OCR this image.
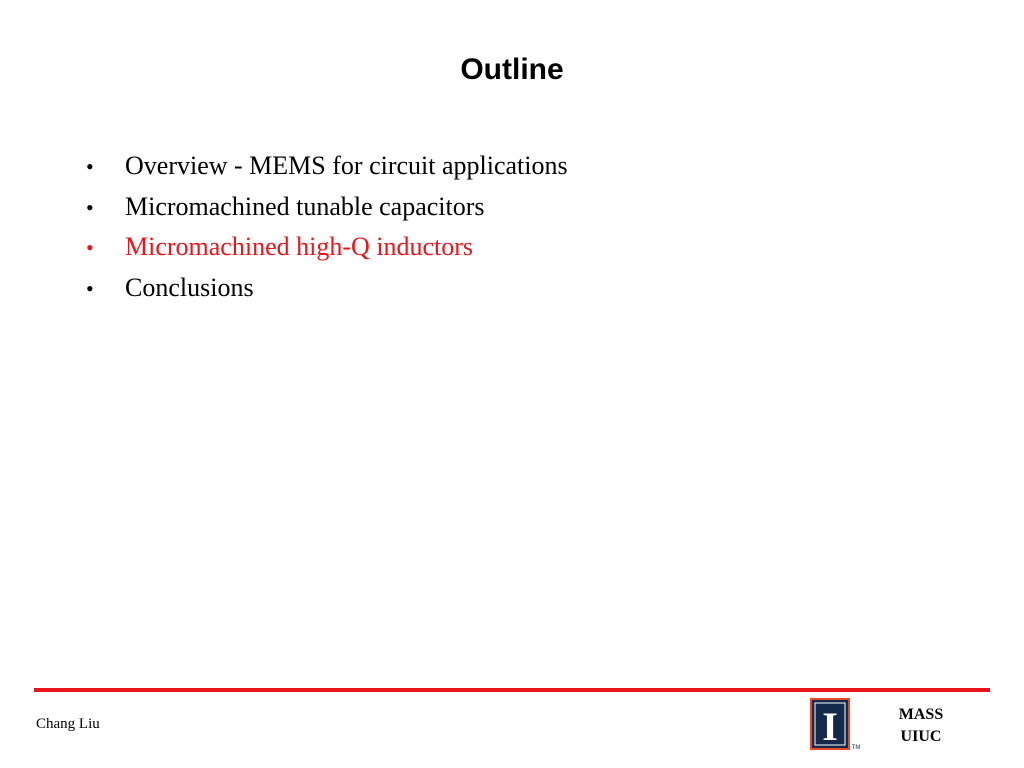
Outline
•	Overview - MEMS for circuit applications
•	Micromachined tunable capacitors
•	Micromachined high-Q inductors
•	Conclusions
Chang Liu	I TM
MASS
UIUC
